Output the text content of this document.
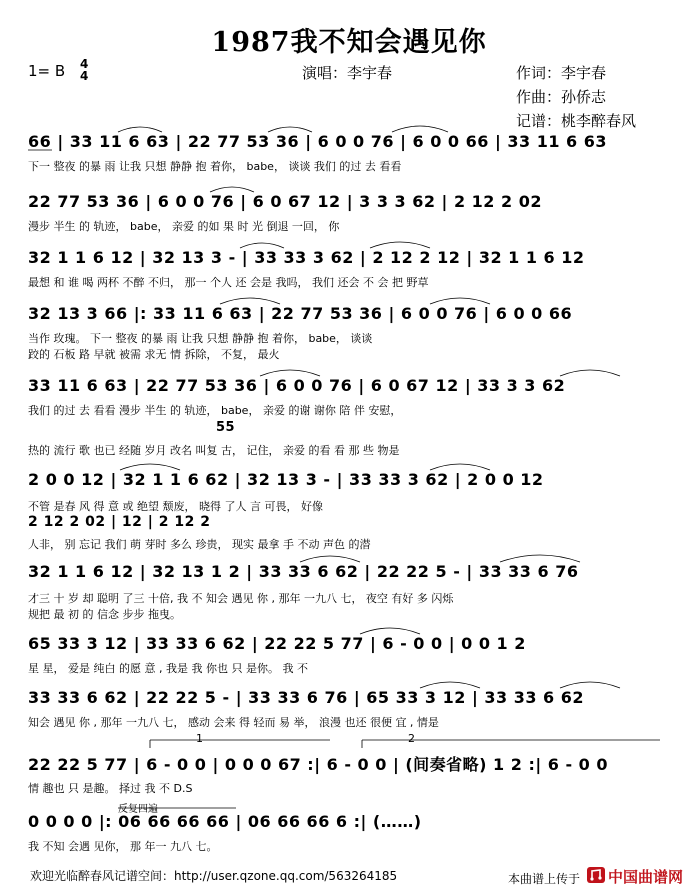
1987我不知会遇见你
1= B 4
4	演唱：李宇春	作词：李宇春
作曲：孙侨志
记谱：桃李醉春风
66 | 33 11 6 63 | 22 77 53 36 | 6 0 0 76 | 6 0 0 66 | 33 11 6 63
下一 整夜 的暴 雨 让我 只想 静静 抱 着你， babe， 谈谈 我们 的过 去 看看
22 77 53 36 | 6 0 0 76 | 6 0 67 12 | 3 3 3 62 | 2 12 2 02
漫步 半生 的 轨迹， babe， 亲爱 的如 果 时 光 倒退 一回， 你
32 1 1 6 12 | 32 13 3 - | 33 33 3 62 | 2 12 2 12 | 32 1 1 6 12
最想 和 谁 喝 两杯 不醉 不归， 那一 个人 还 会是 我吗， 我们 还会 不 会 把 野草
32 13 3 66 |: 33 11 6 63 | 22 77 53 36 | 6 0 0 76 | 6 0 0 66
当作 玫瑰。 下一 整夜 的暴 雨 让我 只想 静静 抱 着你， babe， 谈谈
跤的 石板 路 早就 被需 求无 情 拆除， 不复， 最火
33 11 6 63 | 22 77 53 36 | 6 0 0 76 | 6 0 67 12 | 33 3 3 62
我们 的过 去 看看 漫步 半生 的 轨迹， babe， 亲爱 的谢 谢你 陪 伴 安慰，
热的 流行 歌 也已 经随 岁月 改名 叫复 古， 记住， 亲爱 的看 看 那 些 物是
55
2 0 0 12 | 32 1 1 6 62 | 32 13 3 - | 33 33 3 62 | 2 0 0 12
不管 是春 风 得 意 或 绝望 颓废， 晓得 了人 言 可畏， 好像
2 12 2 02 | 12 | 2 12 2
人非， 别 忘记 我们 萌 芽时 多么 珍贵， 现实 最拿 手 不动 声色 的潜
32 1 1 6 12 | 32 13 1 2 | 33 33 6 62 | 22 22 5 - | 33 33 6 76
才三 十 岁 却 聪明 了三 十倍, 我 不 知会 遇见 你 , 那年 一九八 七， 夜空 有好 多 闪烁
规把 最 初 的 信念 步步 拖曳。
65 33 3 12 | 33 33 6 62 | 22 22 5 77 | 6 - 0 0 | 0 0 1 2
星 星， 爱是 纯白 的愿 意 , 我是 我 你也 只 是你。 我 不
33 33 6 62 | 22 22 5 - | 33 33 6 76 | 65 33 3 12 | 33 33 6 62
知会 遇见 你 , 那年 一九八 七， 感动 会来 得 轻而 易 举， 浪漫 也还 很便 宜 , 情是
1	2
22 22 5 77 | 6 - 0 0 | 0 0 0 67 :| 6 - 0 0 | (间奏省略) 1 2 :| 6 - 0 0
情 趣也 只 是趣。 择过 我 不 D.S
反复四遍
0 0 0 0 |: 06 66 66 66 | 06 66 66 6 :| (……)
我 不知 会遇 见你， 那 年一 九八 七。
欢迎光临醉春风记谱空间：http://user.qzone.qq.com/563264185	本曲谱上传于 中国曲谱网
